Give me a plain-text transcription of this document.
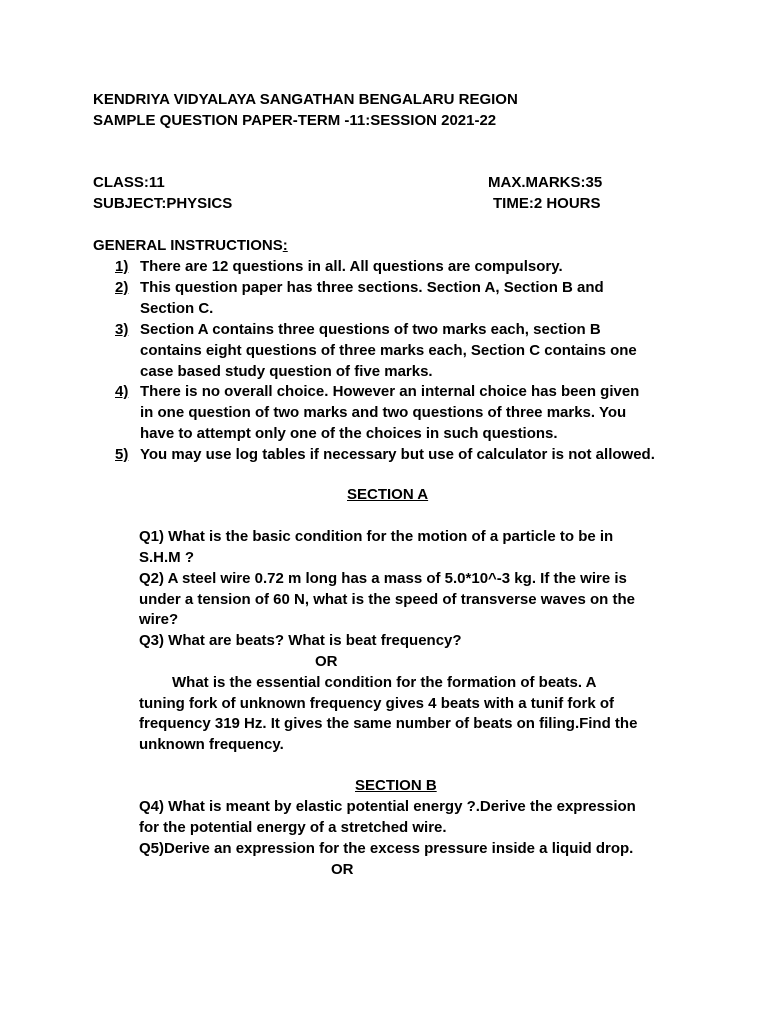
KENDRIYA VIDYALAYA SANGATHAN BENGALARU REGION
SAMPLE QUESTION PAPER-TERM -11:SESSION 2021-22
CLASS:11	MAX.MARKS:35
SUBJECT:PHYSICS	TIME:2 HOURS
GENERAL INSTRUCTIONS:
1) There are 12 questions in all. All questions are compulsory.
2) This question paper has three sections. Section A, Section B and
Section C.
3) Section A contains three questions of two marks each, section B
contains eight questions of three marks each, Section C contains one
case based study question of five marks.
4) There is no overall choice. However an internal choice has been given
in one question of two marks and two questions of three marks. You
have to attempt only one of the choices in such questions.
5) You may use log tables if necessary but use of calculator is not allowed.
SECTION A
Q1) What is the basic condition for the motion of a particle to be in
S.H.M ?
Q2) A steel wire 0.72 m long has a mass of 5.0*10^-3 kg. If the wire is
under a tension of 60 N, what is the speed of transverse waves on the
wire?
Q3) What are beats? What is beat frequency?
OR
What is the essential condition for the formation of beats. A
tuning fork of unknown frequency gives 4 beats with a tunif fork of
frequency 319 Hz. It gives the same number of beats on filing.Find the
unknown frequency.
SECTION B
Q4) What is meant by elastic potential energy ?.Derive the expression
for the potential energy of a stretched wire.
Q5)Derive an expression for the excess pressure inside a liquid drop.
OR
